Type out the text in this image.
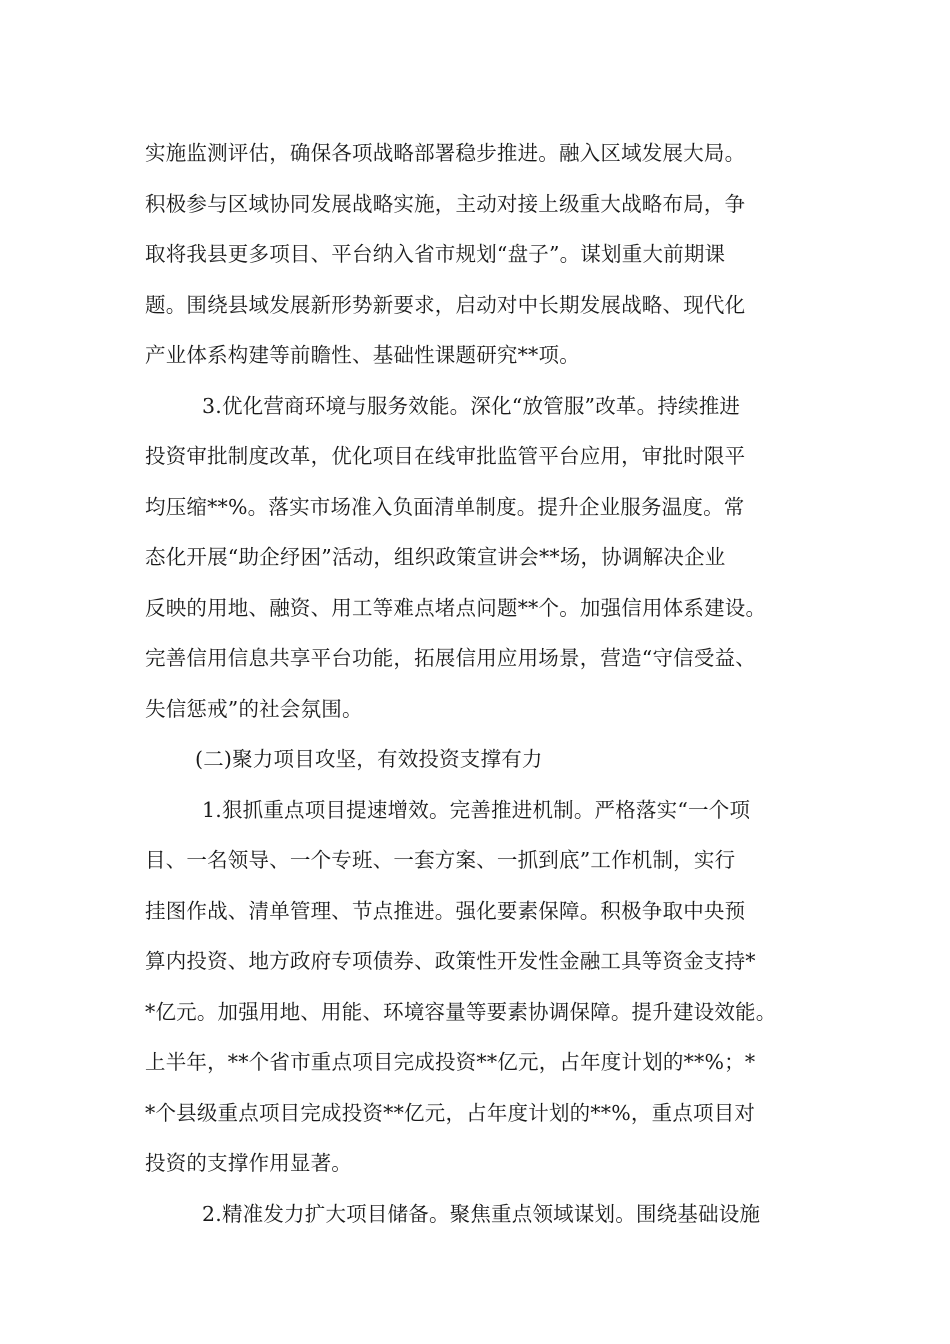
实施监测评估，确保各项战略部署稳步推进。融入区域发展大局。
积极参与区域协同发展战略实施，主动对接上级重大战略布局，争
取将我县更多项目、平台纳入省市规划“盘子”。谋划重大前期课
题。围绕县域发展新形势新要求，启动对中长期发展战略、现代化
产业体系构建等前瞻性、基础性课题研究**项。
3.优化营商环境与服务效能。深化“放管服”改革。持续推进
投资审批制度改革，优化项目在线审批监管平台应用，审批时限平
均压缩**%。落实市场准入负面清单制度。提升企业服务温度。常
态化开展“助企纾困”活动，组织政策宣讲会**场，协调解决企业
反映的用地、融资、用工等难点堵点问题**个。加强信用体系建设。
完善信用信息共享平台功能，拓展信用应用场景，营造“守信受益、
失信惩戒”的社会氛围。
(二)聚力项目攻坚，有效投资支撑有力
1.狠抓重点项目提速增效。完善推进机制。严格落实“一个项
目、一名领导、一个专班、一套方案、一抓到底”工作机制，实行
挂图作战、清单管理、节点推进。强化要素保障。积极争取中央预
算内投资、地方政府专项债券、政策性开发性金融工具等资金支持*
*亿元。加强用地、用能、环境容量等要素协调保障。提升建设效能。
上半年，**个省市重点项目完成投资**亿元，占年度计划的**%；*
*个县级重点项目完成投资**亿元，占年度计划的**%，重点项目对
投资的支撑作用显著。
2.精准发力扩大项目储备。聚焦重点领域谋划。围绕基础设施
